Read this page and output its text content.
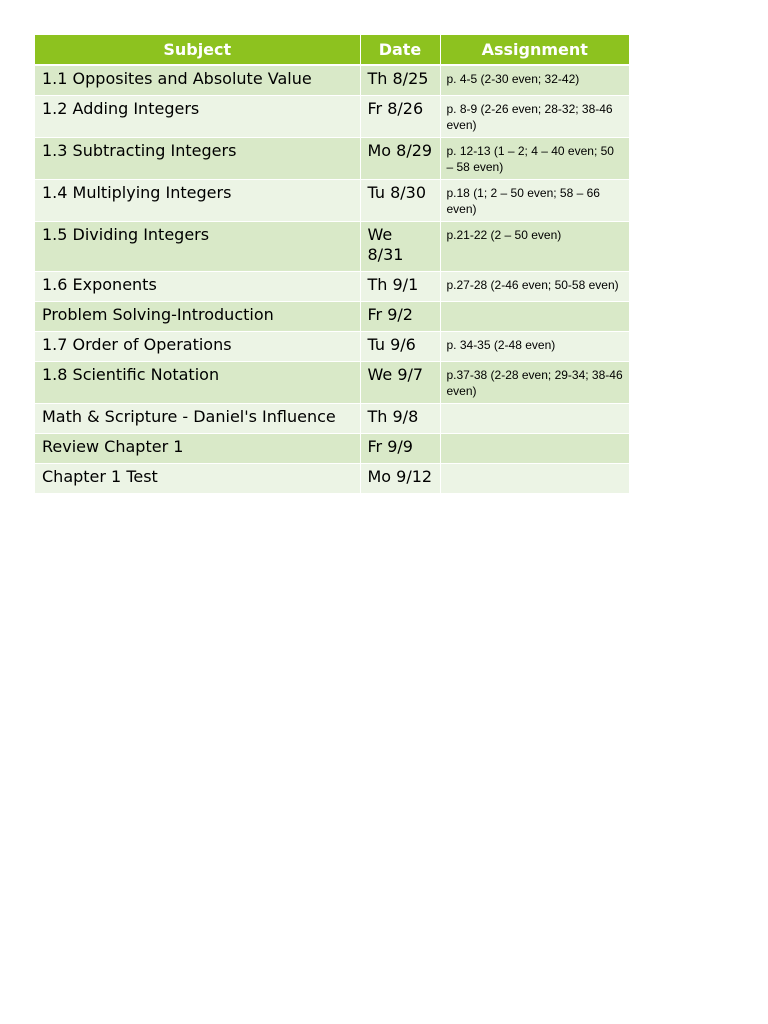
Subject	Date	Assignment
1.1 Opposites and Absolute Value	Th 8/25	p. 4-5 (2-30 even; 32-42)
1.2 Adding Integers	Fr 8/26	p. 8-9 (2-26 even; 28-32; 38-46 even)
1.3 Subtracting Integers	Mo 8/29	p. 12-13 (1 – 2; 4 – 40 even; 50 – 58 even)
1.4 Multiplying Integers	Tu 8/30	p.18 (1; 2 – 50 even; 58 – 66 even)
1.5 Dividing Integers	We 8/31	p.21-22 (2 – 50 even)
1.6 Exponents	Th 9/1	p.27-28 (2-46 even; 50-58 even)
Problem Solving-Introduction	Fr 9/2	
1.7 Order of Operations	Tu 9/6	p. 34-35 (2-48 even)
1.8 Scientific Notation	We 9/7	p.37-38 (2-28 even; 29-34; 38-46 even)
Math & Scripture - Daniel's Influence	Th 9/8	
Review Chapter 1	Fr 9/9	
Chapter 1 Test	Mo 9/12	
